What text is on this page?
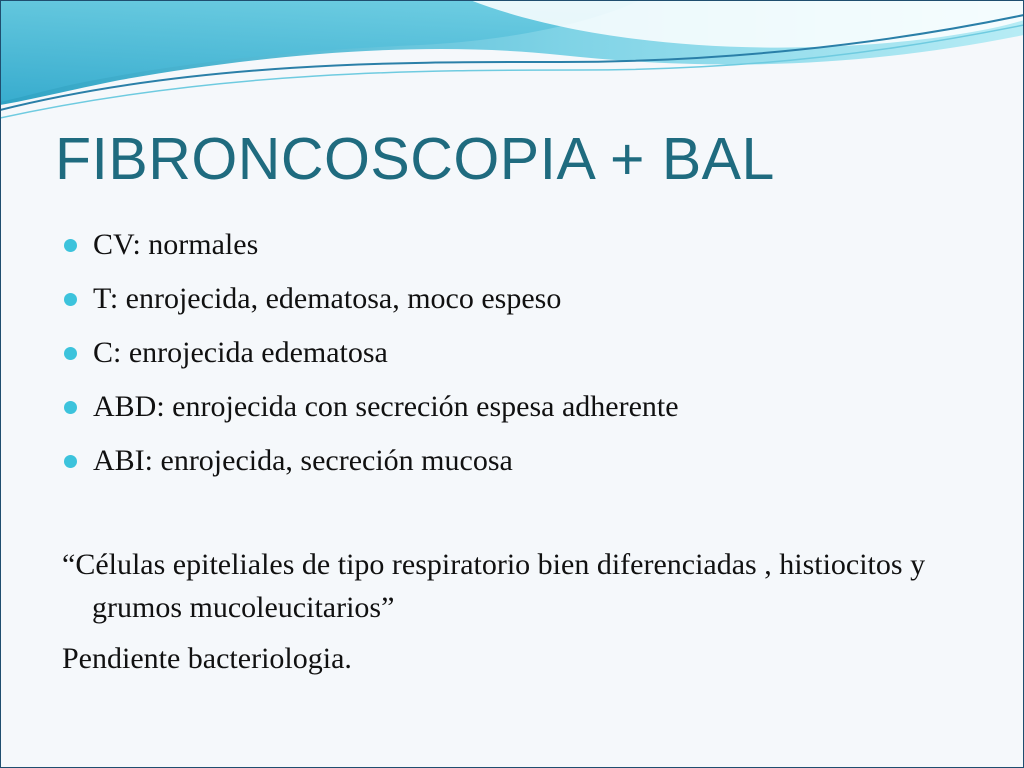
FIBRONCOSCOPIA + BAL
CV: normales
T: enrojecida, edematosa, moco espeso
C: enrojecida edematosa
ABD: enrojecida con secreción espesa adherente
ABI: enrojecida, secreción mucosa

“Células epiteliales de tipo respiratorio bien diferenciadas , histiocitos y grumos mucoleucitarios”

Pendiente bacteriologia.
